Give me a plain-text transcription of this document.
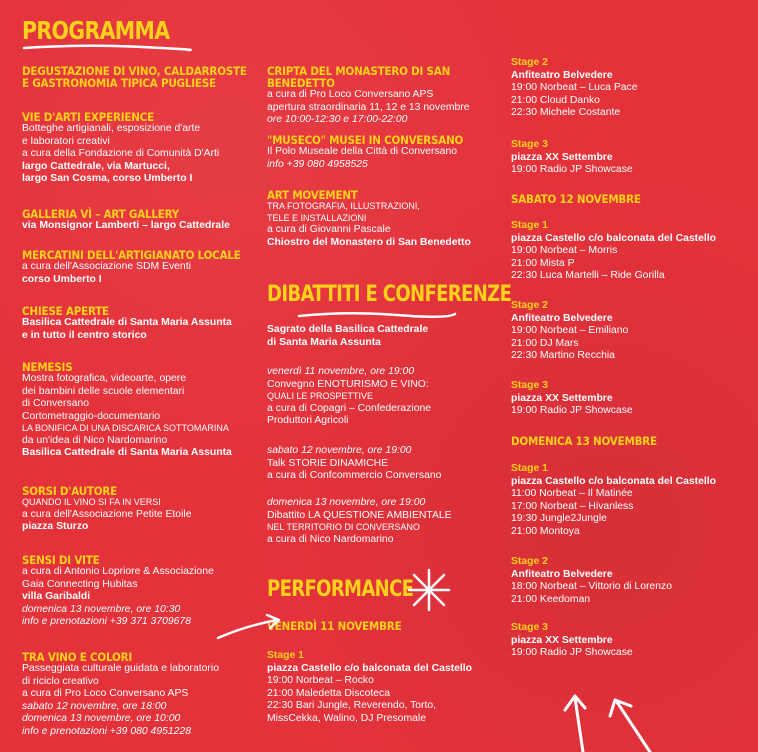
PROGRAMMA
DEGUSTAZIONE DI VINO, CALDARROSTE
E GASTRONOMIA TIPICA PUGLIESE
VIE D'ARTI EXPERIENCE
Botteghe artigianali, esposizione d'arte
e laboratori creativi
a cura della Fondazione di Comunità D'Arti
largo Cattedrale, via Martucci,
largo San Cosma, corso Umberto I
GALLERIA VÌ – ART GALLERY
via Monsignor Lamberti – largo Cattedrale
MERCATINI DELL'ARTIGIANATO LOCALE
a cura dell'Associazione SDM Eventi
corso Umberto I
CHIESE APERTE
Basilica Cattedrale di Santa Maria Assunta
e in tutto il centro storico
NEMESIS
Mostra fotografica, videoarte, opere
dei bambini delle scuole elementari
di Conversano
Cortometraggio-documentario
LA BONIFICA DI UNA DISCARICA SOTTOMARINA
da un'idea di Nico Nardomarino
Basilica Cattedrale di Santa Maria Assunta
SORSI D'AUTORE
QUANDO IL VINO SI FA IN VERSI
a cura dell'Associazione Petite Etoile
piazza Sturzo
SENSI DI VITE
a cura di Antonio Lopriore & Associazione
Gaia Connecting Hubitas
villa Garibaldi
domenica 13 novembre, ore 10:30
info e prenotazioni +39 371 3709678
TRA VINO E COLORI
Passeggiata culturale guidata e laboratorio
di riciclo creativo
a cura di Pro Loco Conversano APS
sabato 12 novembre, ore 18:00
domenica 13 novembre, ore 10:00
info e prenotazioni +39 080 4951228
CRIPTA DEL MONASTERO DI SAN BENEDETTO
a cura di Pro Loco Conversano APS
apertura straordinaria 11, 12 e 13 novembre
ore 10:00-12:30 e 17:00-22:00
"MUSECO" MUSEI IN CONVERSANO
Il Polo Museale della Città di Conversano
info +39 080 4958525
ART MOVEMENT
TRA FOTOGRAFIA, ILLUSTRAZIONI,
TELE E INSTALLAZIONI
a cura di Giovanni Pascale
Chiostro del Monastero di San Benedetto
DIBATTITI E CONFERENZE
Sagrato della Basilica Cattedrale
di Santa Maria Assunta
venerdì 11 novembre, ore 19:00
Convegno ENOTURISMO E VINO:
QUALI LE PROSPETTIVE
a cura di Copagri – Confederazione
Produttori Agricoli
sabato 12 novembre, ore 19:00
Talk STORIE DINAMICHE
a cura di Confcommercio Conversano
domenica 13 novembre, ore 19:00
Dibattito LA QUESTIONE AMBIENTALE
NEL TERRITORIO DI CONVERSANO
a cura di Nico Nardomarino
PERFORMANCE
VENERDÌ 11 NOVEMBRE
Stage 1
piazza Castello c/o balconata del Castello
19:00 Norbeat – Rocko
21:00 Maledetta Discoteca
22:30 Bari Jungle, Reverendo, Torto,
MissCekka, Walino, DJ Presomale
Stage 2
Anfiteatro Belvedere
19:00 Norbeat – Luca Pace
21:00 Cloud Danko
22:30 Michele Costante
Stage 3
piazza XX Settembre
19:00 Radio JP Showcase
SABATO 12 NOVEMBRE
Stage 1
piazza Castello c/o balconata del Castello
19:00 Norbeat – Morris
21:00 Mista P
22:30 Luca Martelli – Ride Gorilla
Stage 2
Anfiteatro Belvedere
19:00 Norbeat – Emiliano
21:00 DJ Mars
22:30 Martino Recchia
Stage 3
piazza XX Settembre
19:00 Radio JP Showcase
DOMENICA 13 NOVEMBRE
Stage 1
piazza Castello c/o balconata del Castello
11:00 Norbeat – Il Matinée
17:00 Norbeat – Hivanless
19:30 Jungle2Jungle
21:00 Montoya
Stage 2
Anfiteatro Belvedere
18:00 Norbeat – Vittorio di Lorenzo
21:00 Keedoman
Stage 3
piazza XX Settembre
19:00 Radio JP Showcase
